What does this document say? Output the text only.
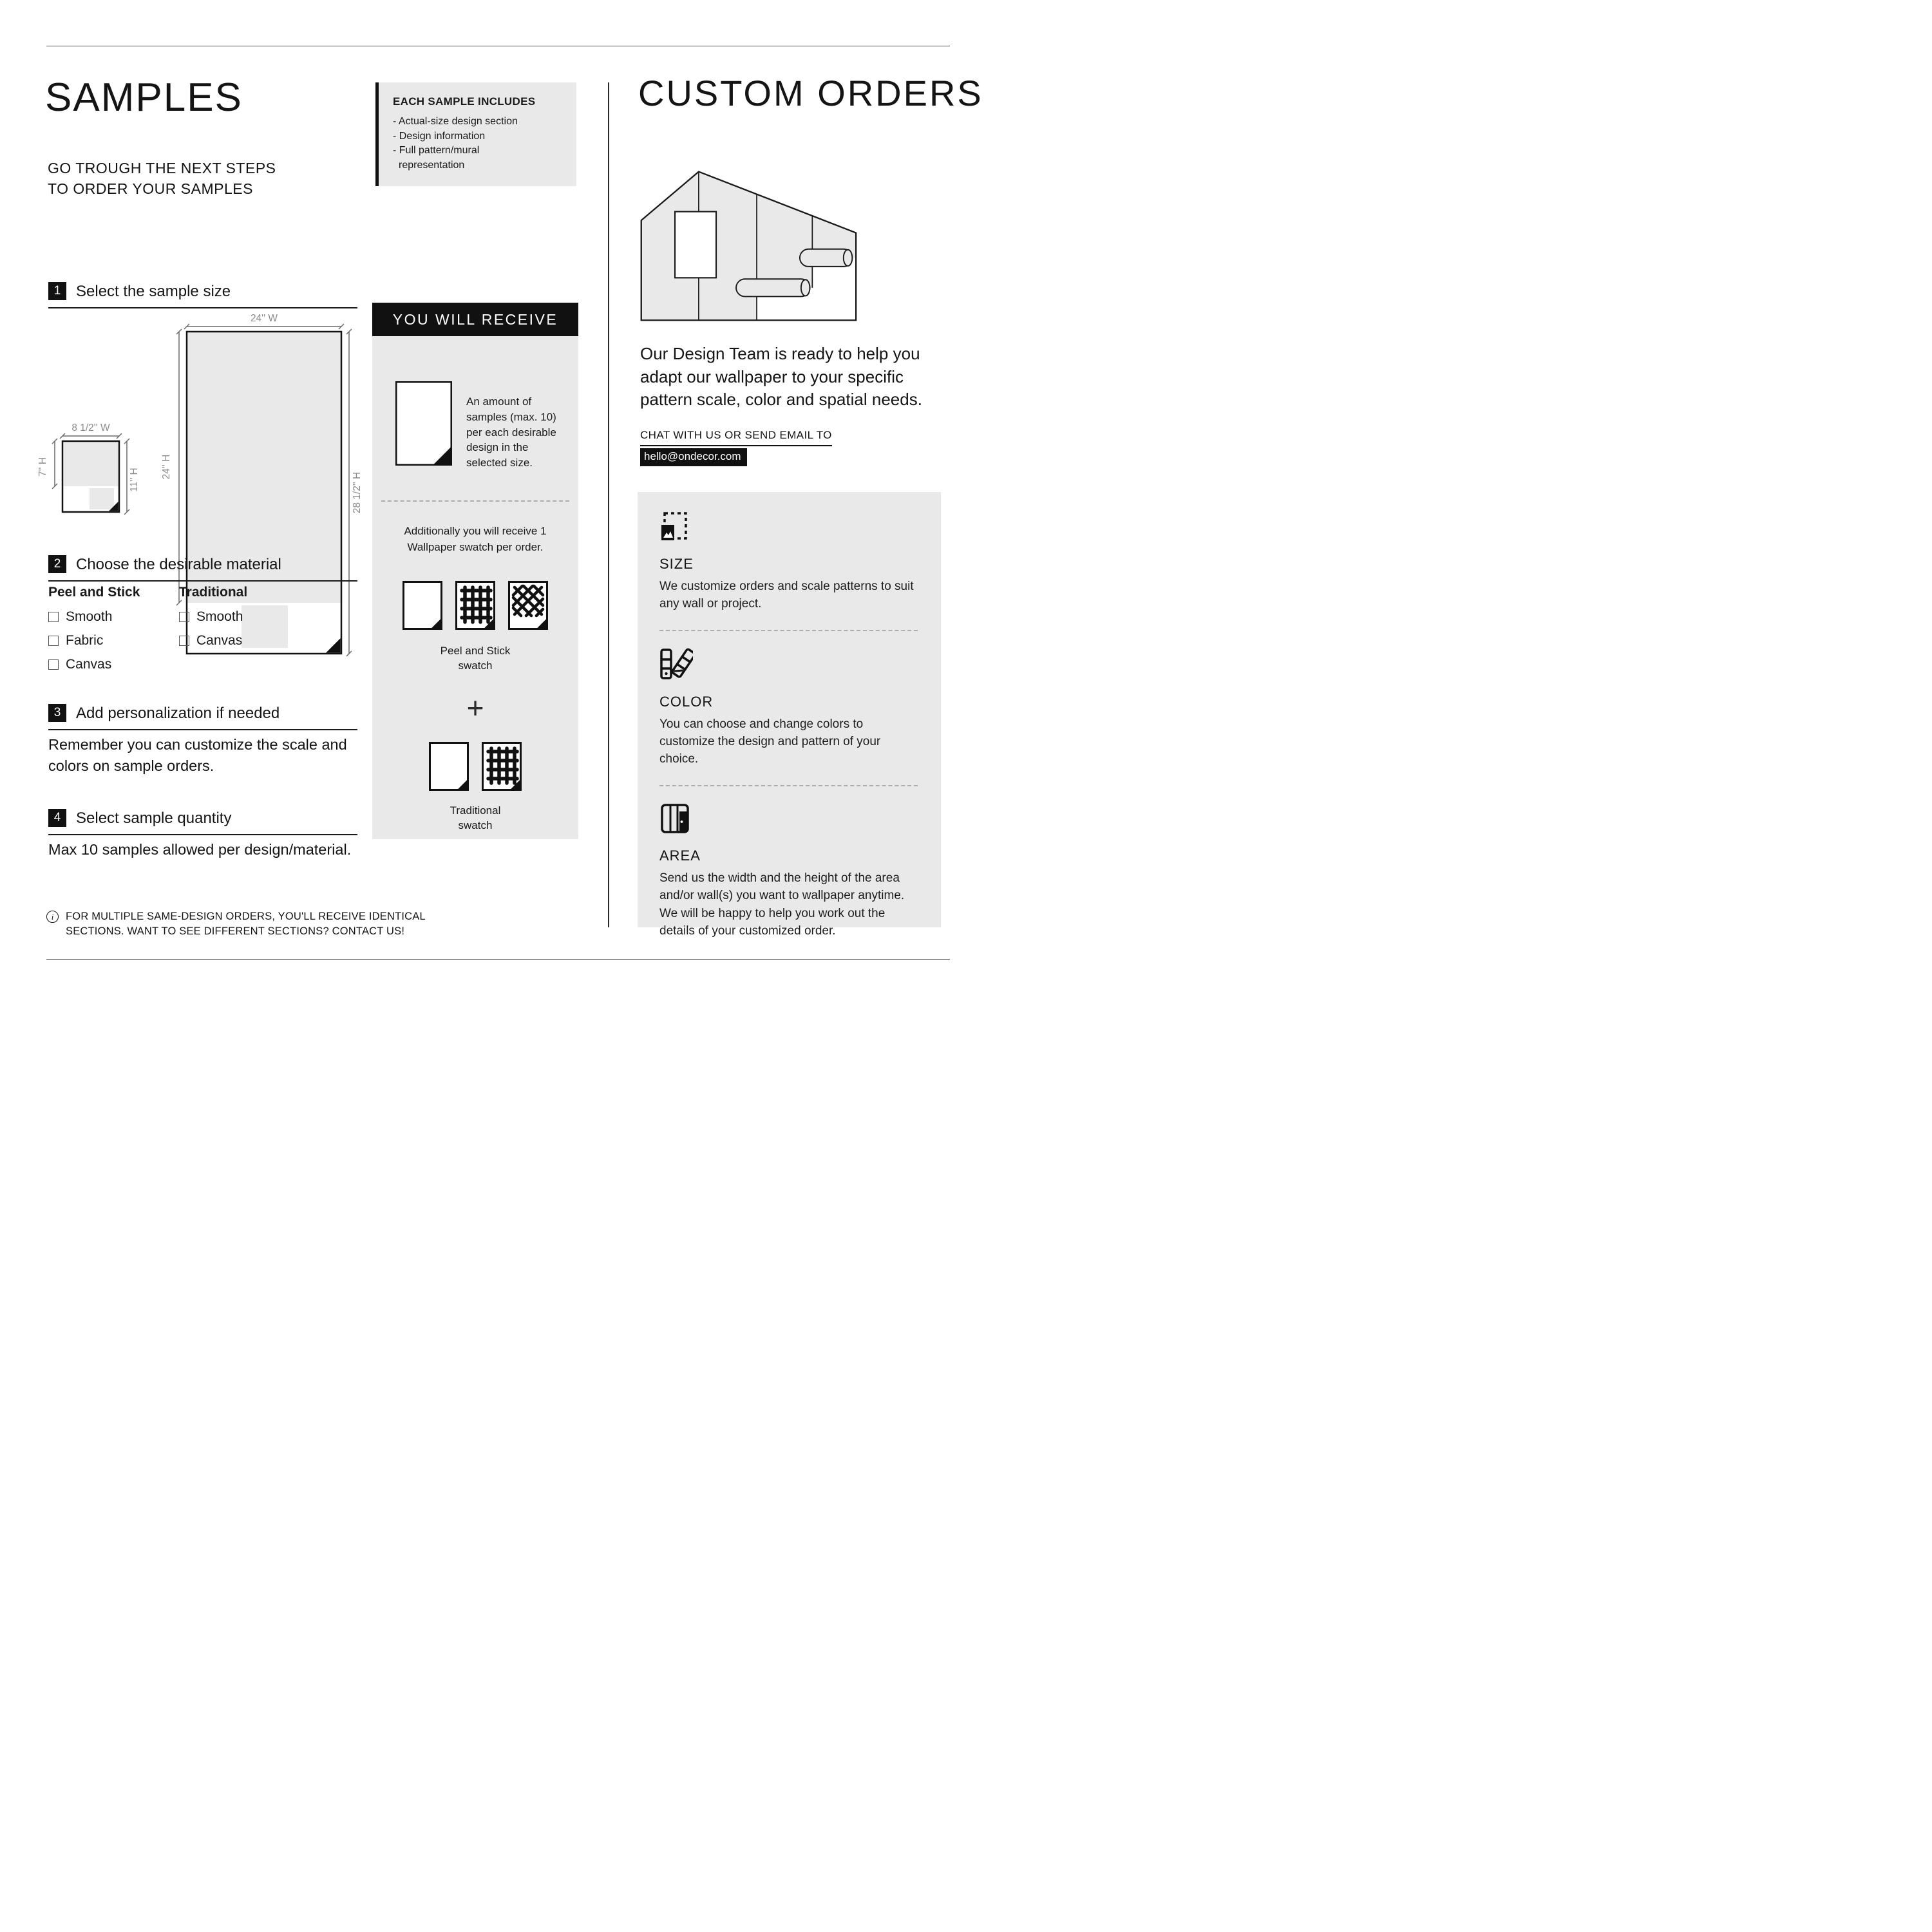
SAMPLES
GO TROUGH THE NEXT STEPS
TO ORDER YOUR SAMPLES
EACH SAMPLE INCLUDES
- Actual-size design section
- Design information
- Full pattern/mural
representation
1 Select the sample size
8 1/2'' W
7'' H
11'' H
24'' W
24'' H
28 1/2'' H
2 Choose the desirable material
Peel and Stick
Smooth
Fabric
Canvas
Traditional
Smooth
Canvas
3 Add personalization if needed
Remember you can customize the scale and colors on sample orders.
4 Select sample quantity
Max 10 samples allowed per design/material.
i	FOR MULTIPLE SAME-DESIGN ORDERS, YOU'LL RECEIVE IDENTICAL
SECTIONS. WANT TO SEE DIFFERENT SECTIONS? CONTACT US!
YOU WILL RECEIVE
An amount of samples (max. 10) per each desirable design in the selected size.
Additionally you will receive 1 Wallpaper swatch per order.
Peel and Stick
swatch
+
Traditional
swatch
CUSTOM ORDERS
Our Design Team is ready to help you adapt our wallpaper to your specific pattern scale, color and spatial needs.
CHAT WITH US OR SEND EMAIL TO
hello@ondecor.com
SIZE
We customize orders and scale patterns to suit any wall or project.
COLOR
You can choose and change colors to customize the design and pattern of your choice.
AREA
Send us the width and the height of the area and/or wall(s) you want to wallpaper anytime. We will be happy to help you work out the details of your customized order.
